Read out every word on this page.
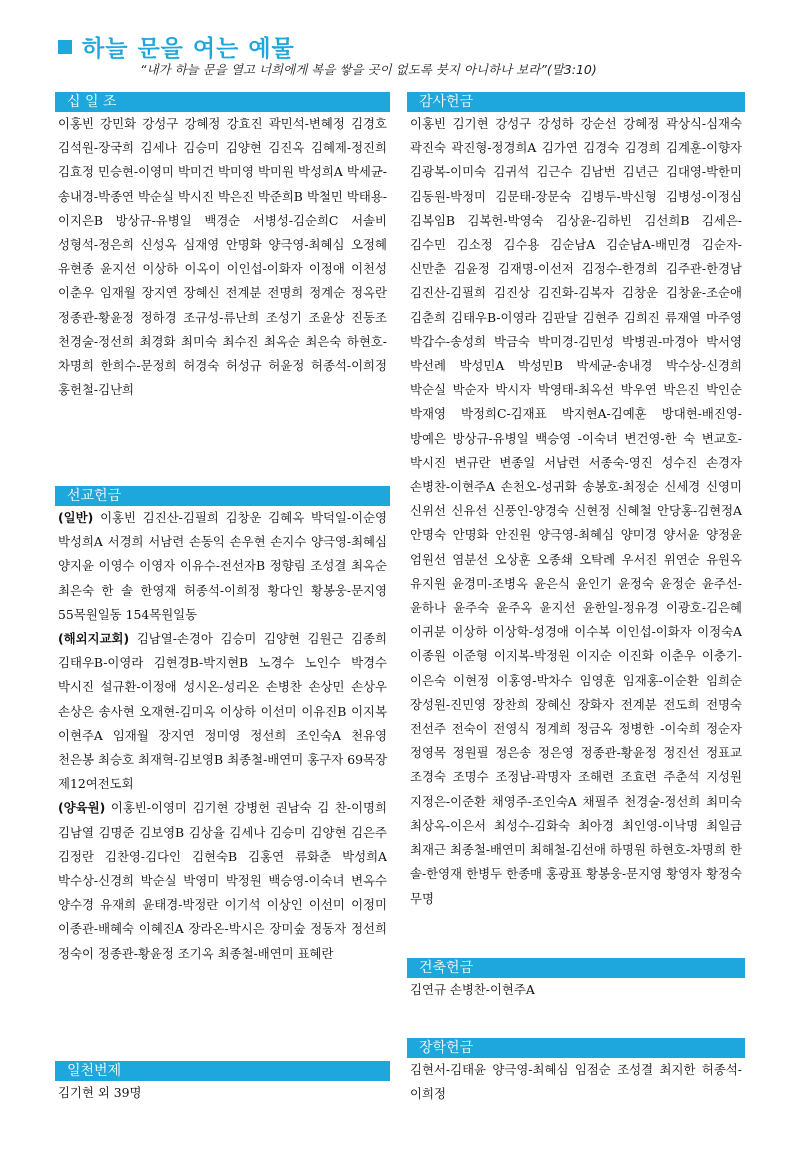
하늘 문을 여는 예물
“내가 하늘 문을 열고 너희에게 복을 쌓을 곳이 없도록 붓지 아니하나 보라”(말3:10)
십 일 조
이홍빈 강민화 강성구 강혜정 강효진 곽민석-변혜정 김경호 김석원-장국희 김세나 김승미 김양현 김진옥 김혜제-정진희 김효정 민승현-이영미 박미건 박미영 박미원 박성희A 박세균-송내경-박종연 박순실 박시진 박은진 박준희B 박철민 박태용-이지은B 방상규-유병일 백경순 서병성-김순희C 서솔비 성형석-정은희 신성옥 심재영 안명화 양극영-최혜심 오정혜 유현종 윤지선 이상하 이옥이 이인섭-이화자 이정애 이천성 이춘우 임재월 장지연 장혜신 전계분 전명희 정계순 정옥란 정종관-황윤정 정하경 조규성-류난희 조성기 조윤상 진동조 천경술-정선희 최경화 최미숙 최수진 최옥순 최은숙 하현호-차명희 한희수-문정희 허경숙 허성규 허윤정 허종석-이희정 홍헌철-김난희
선교헌금

(일반) 이홍빈 김진산-김필희 김창운 김혜옥 박덕일-이순영 박성희A 서경희 서남련 손동익 손우현 손지수 양극영-최혜심 양지윤 이영수 이영자 이유수-전선자B 정향림 조성결 최옥순 최은숙 한 솔 한영재 허종석-이희정 황다인 황봉웅-문지영 55목원일동 154목원일동

(해외지교회) 김남열-손경아 김승미 김양현 김원근 김종희 김태우B-이영라 김현경B-박지현B 노경수 노인수 박경수 박시진 설규환-이정애 성시온-성리온 손병찬 손상민 손상우 손상은 송사현 오재현-김미옥 이상하 이선미 이유진B 이지복 이현주A 임재월 장지연 정미영 정선희 조인숙A 천유영 천은봉 최승호 최재혁-김보영B 최종철-배연미 홍구자 69목장 제12여전도회

(양육원) 이홍빈-이영미 김기현 강병헌 권남숙 김 찬-이명희 김남열 김명준 김보영B 김상율 김세나 김승미 김양현 김은주 김정란 김찬영-김다인 김현숙B 김홍연 류화춘 박성희A 박수상-신경희 박순실 박영미 박정원 백승영-이숙녀 변옥수 양수경 유재희 윤태경-박정란 이기석 이상인 이선미 이정미 이종관-배혜숙 이혜진A 장라온-박시은 장미숲 정동자 정선희 정숙이 정종관-황윤정 조기옥 최종철-배연미 표혜란

일천번제
김기현 외 39명
감사헌금
이홍빈 김기현 강성구 강성하 강순선 강혜정 곽상식-심재숙 곽진숙 곽진형-정경희A 김가연 김경숙 김경희 김계훈-이향자 김광복-이미숙 김귀석 김근수 김남번 김년근 김대영-박한미 김동원-박정미 김문태-장문숙 김병두-박신형 김병성-이정심 김복임B 김복헌-박영숙 김상윤-김하빈 김선희B 김세은-김수민 김소정 김수용 김순남A 김순남A-배민경 김순자-신만춘 김윤정 김재명-이선저 김정수-한경희 김주관-한경남 김진산-김필희 김진상 김진화-김복자 김창운 김창윤-조순애 김춘희 김태우B-이영라 김판달 김현주 김희진 류재열 마주영 박갑수-송성희 박금숙 박미경-김민성 박병권-마경아 박서영 박선례 박성민A 박성민B 박세균-송내경 박수상-신경희 박순실 박순자 박시자 박영태-최옥선 박우연 박은진 박인순 박재영 박정희C-김재표 박지현A-김예훈 방대현-배진영-방예은 방상규-유병일 백승영 -이숙녀 변건영-한 숙 변교호-박시진 변규란 변종일 서남련 서종숙-영진 성수진 손경자 손병찬-이현주A 손천오-성귀화 송봉호-최정순 신세경 신영미 신위선 신유선 신풍인-양경숙 신현정 신혜철 안당홍-김현정A 안명숙 안명화 안진원 양극영-최혜심 양미경 양서윤 양정윤 엄원선 염분선 오상훈 오종쇄 오탁례 우서진 위연순 유원옥 유지원 윤경미-조병옥 윤은식 윤인기 윤정숙 윤정순 윤주선-윤하나 윤주숙 윤주옥 윤지선 윤한일-정유경 이광호-김은혜 이귀분 이상하 이상학-성경애 이수복 이인섭-이화자 이정숙A 이종원 이준형 이지복-박정원 이지순 이진화 이춘우 이충기-이은숙 이현정 이홍영-박차수 임영훈 임재홍-이순환 임희순 장성원-진민영 장찬희 장혜신 장화자 전계분 전도희 전명숙 전선주 전숙이 전영식 정계희 정금옥 정병한 -이숙희 정순자 정영목 정원필 정은송 정은영 정종관-황윤정 정진선 정표교 조경숙 조명수 조정남-곽명자 조해련 조효련 주춘석 지성원 지정은-이준환 채영주-조인숙A 채필주 천경술-정선희 최미숙 최상옥-이은서 최성수-김화숙 최아경 최인영-이낙명 최일금 최재근 최종철-배연미 최해철-김선애 하명원 하현호-차명희 한 솔-한영재 한병두 한종매 홍광표 황봉웅-문지영 황영자 황정숙 무명
건축헌금
김연규 손병찬-이현주A
장학헌금
김현서-김태윤 양극영-최혜심 임점순 조성결 최지한 허종석-이희정
